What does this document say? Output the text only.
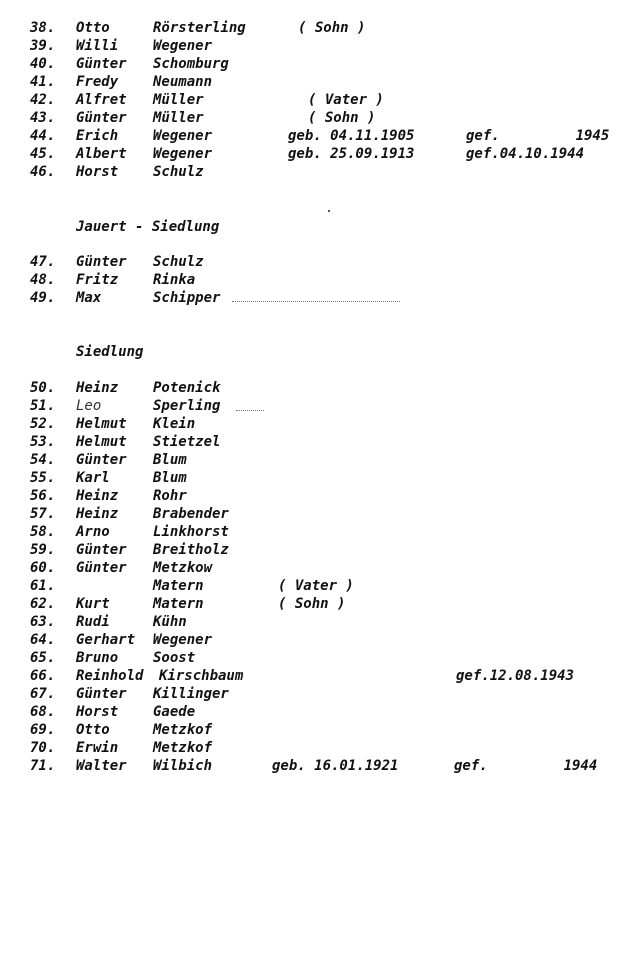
38. Otto	Rörsterling	( Sohn )
39. Willi Wegener
40. Günter Schomburg
41. Fredy Neumann
42. Alfret Müller	( Vater )
43. Günter Müller	( Sohn )
44. Erich Wegener	geb. 04.11.1905	gef.         1945
45. Albert Wegener	geb. 25.09.1913	gef.04.10.1944
46. Horst Schulz
Jauert - Siedlung
47. Günter Schulz
48. Fritz Rinka
49. Max	Schipper
Siedlung
50. Heinz Potenick
51. Leo	Sperling
52. Helmut Klein
53. Helmut Stietzel
54. Günter Blum
55. Karl	Blum
56. Heinz Rohr
57. Heinz Brabender
58. Arno	Linkhorst
59. Günter Breitholz
60. Günter Metzkow
61.	Matern	( Vater )
62. Kurt	Matern	( Sohn )
63. Rudi	Kühn
64. Gerhart Wegener
65. Bruno Soost
66. Reinhold Kirschbaum	gef.12.08.1943
67. Günter Killinger
68. Horst Gaede
69. Otto	Metzkof
70. Erwin Metzkof
71. Walter Wilbich	geb. 16.01.1921	gef.         1944
